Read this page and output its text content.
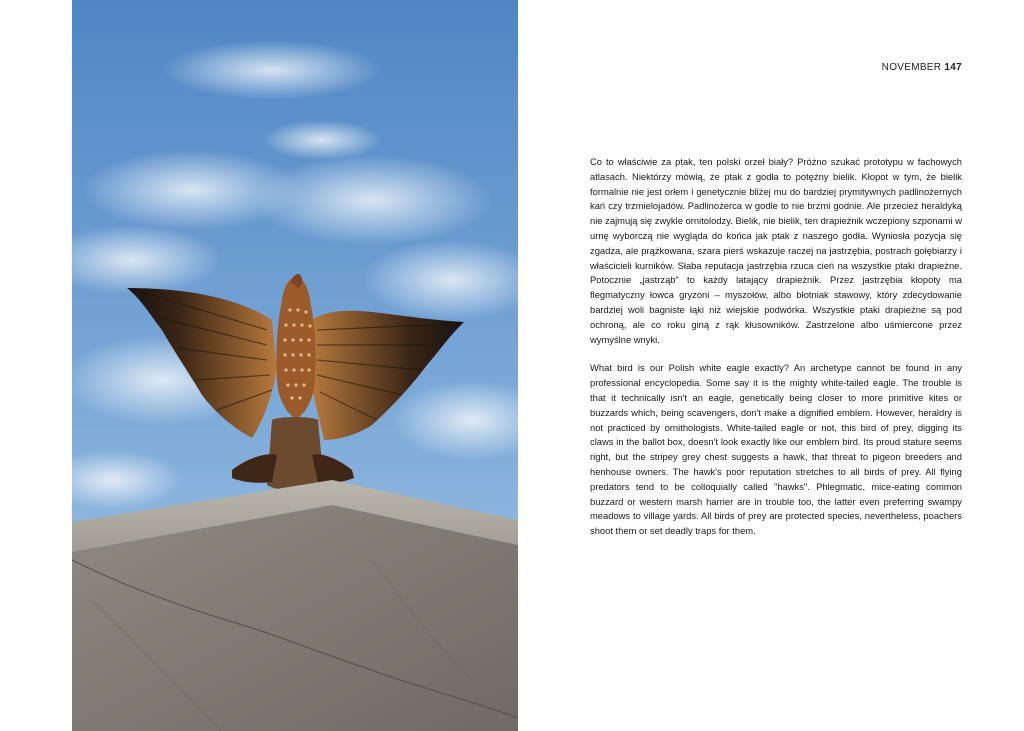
NOVEMBER 147

Co to właściwie za ptak, ten polski orzeł biały? Próżno szukać prototypu w fachowych atlasach. Niektórzy mówią, że ptak z godła to potężny bielik. Kłopot w tym, że bielik formalnie nie jest orłem i genetycznie bliżej mu do bardziej prymitywnych padlinożernych kań czy trzmielojadów. Padlinożerca w godle to nie brzmi godnie. Ale przecież heraldyką nie zajmują się zwykle ornitolodzy. Bielik, nie bielik, ten drapieżnik wczepiony szponami w urnę wyborczą nie wygląda do końca jak ptak z naszego godła. Wyniosła pozycja się zgadza, ale prążkowana, szara pierś wskazuje raczej na jastrzębia, postrach gołębiarzy i właścicieli kurników. Słaba reputacja jastrzębia rzuca cień na wszystkie ptaki drapieżne. Potocznie „jastrząb” to każdy latający drapieżnik. Przez jastrzębia kłopoty ma flegmatyczny łowca gryzoni – myszołów, albo błotniak stawowy, który zdecydowanie bardziej woli bagniste łąki niż wiejskie podwórka. Wszystkie ptaki drapieżne są pod ochroną, ale co roku giną z rąk kłusowników. Zastrzelone albo uśmiercone przez wymyślne wnyki.

What bird is our Polish white eagle exactly? An archetype cannot be found in any professional encyclopedia. Some say it is the mighty white-tailed eagle. The trouble is that it technically isn't an eagle, genetically being closer to more primitive kites or buzzards which, being scavengers, don't make a dignified emblem. However, heraldry is not practiced by ornithologists. White-tailed eagle or not, this bird of prey, digging its claws in the ballot box, doesn't look exactly like our emblem bird. Its proud stature seems right, but the stripey grey chest suggests a hawk, that threat to pigeon breeders and henhouse owners. The hawk's poor reputation stretches to all birds of prey. All flying predators tend to be colloquially called "hawks". Phlegmatic, mice-eating common buzzard or western marsh harrier are in trouble too, the latter even preferring swampy meadows to village yards. All birds of prey are protected species, nevertheless, poachers shoot them or set deadly traps for them.
